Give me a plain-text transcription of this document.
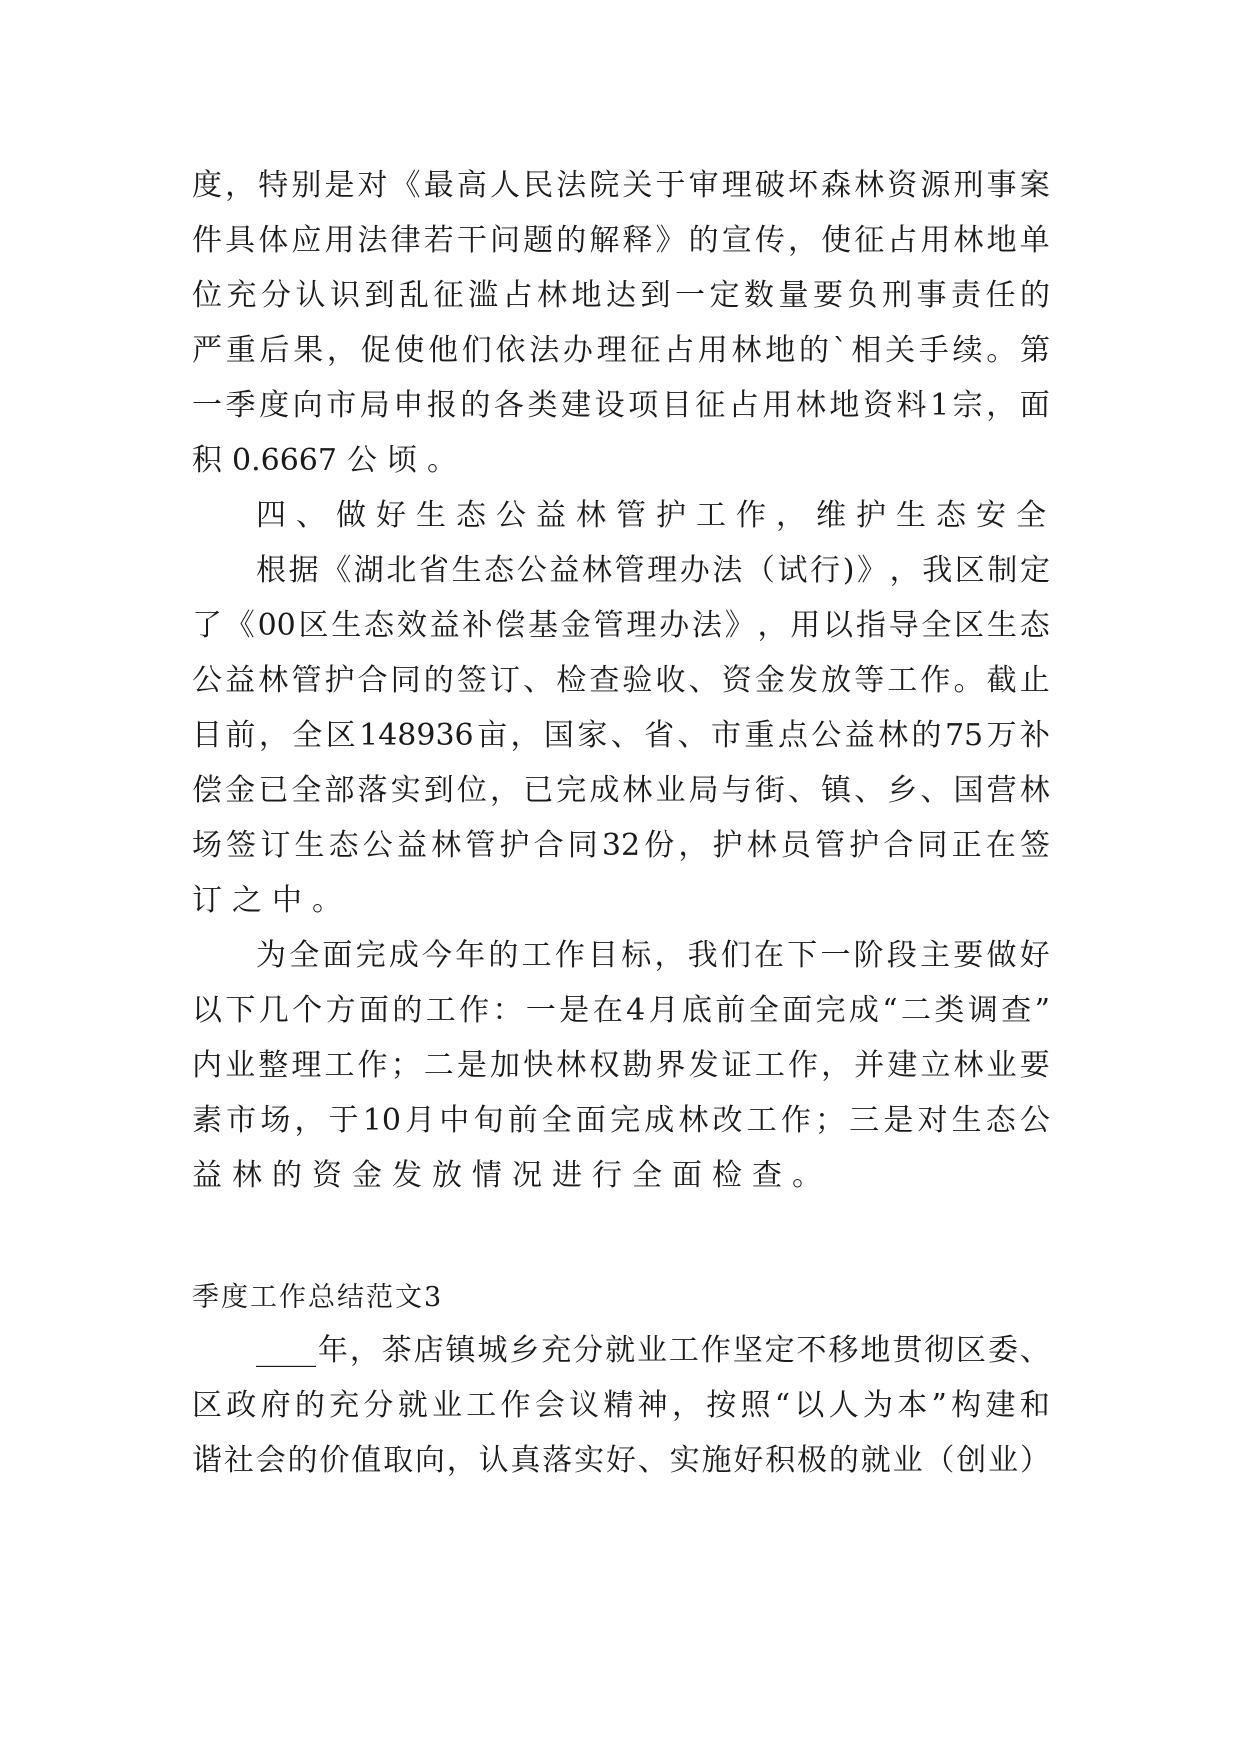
度 ， 特 别 是 对 《 最 高 人 民 法 院 关 于 审 理 破 坏 森 林 资 源 刑 事 案
件 具 体 应 用 法 律 若 干 问 题 的 解 释 》 的 宣 传 ， 使 征 占 用 林 地 单
位 充 分 认 识 到 乱 征 滥 占 林 地 达 到 一 定 数 量 要 负 刑 事 责 任 的
严 重 后 果 ， 促 使 他 们 依 法 办 理 征 占 用 林 地 的 ` 相 关 手 续 。 第
一 季 度 向 市 局 申 报 的 各 类 建 设 项 目 征 占 用 林 地 资 料 1 宗 ， 面
积 0.6667 公 顷 。
四 、 做 好 生 态 公 益 林 管 护 工 作 ， 维 护 生 态 安 全
根 据 《 湖 北 省 生 态 公 益 林 管 理 办 法 （ 试 行 ) 》 ， 我 区 制 定
了 《 00 区 生 态 效 益 补 偿 基 金 管 理 办 法 》 ， 用 以 指 导 全 区 生 态
公 益 林 管 护 合 同 的 签 订 、 检 查 验 收 、 资 金 发 放 等 工 作 。 截 止
目 前 ， 全 区 148936 亩 ， 国 家 、 省 、 市 重 点 公 益 林 的 75 万 补
偿 金 已 全 部 落 实 到 位 ， 已 完 成 林 业 局 与 街 、 镇 、 乡 、 国 营 林
场 签 订 生 态 公 益 林 管 护 合 同 32 份 ， 护 林 员 管 护 合 同 正 在 签
订 之 中 。
为 全 面 完 成 今 年 的 工 作 目 标 ， 我 们 在 下 一 阶 段 主 要 做 好
以 下 几 个 方 面 的 工 作 ： 一 是 在 4 月 底 前 全 面 完 成 “ 二 类 调 查 ”
内 业 整 理 工 作 ； 二 是 加 快 林 权 勘 界 发 证 工 作 ， 并 建 立 林 业 要
素 市 场 ， 于 10 月 中 旬 前 全 面 完 成 林 改 工 作 ； 三 是 对 生 态 公
益 林 的 资 金 发 放 情 况 进 行 全 面 检 查 。
季 度 工 作 总 结 范 文 3
____ 年 ， 茶 店 镇 城 乡 充 分 就 业 工 作 坚 定 不 移 地 贯 彻 区 委 、
区 政 府 的 充 分 就 业 工 作 会 议 精 神 ， 按 照 “ 以 人 为 本 ” 构 建 和
谐 社 会 的 价 值 取 向 ， 认 真 落 实 好 、 实 施 好 积 极 的 就 业 （ 创 业 ）
